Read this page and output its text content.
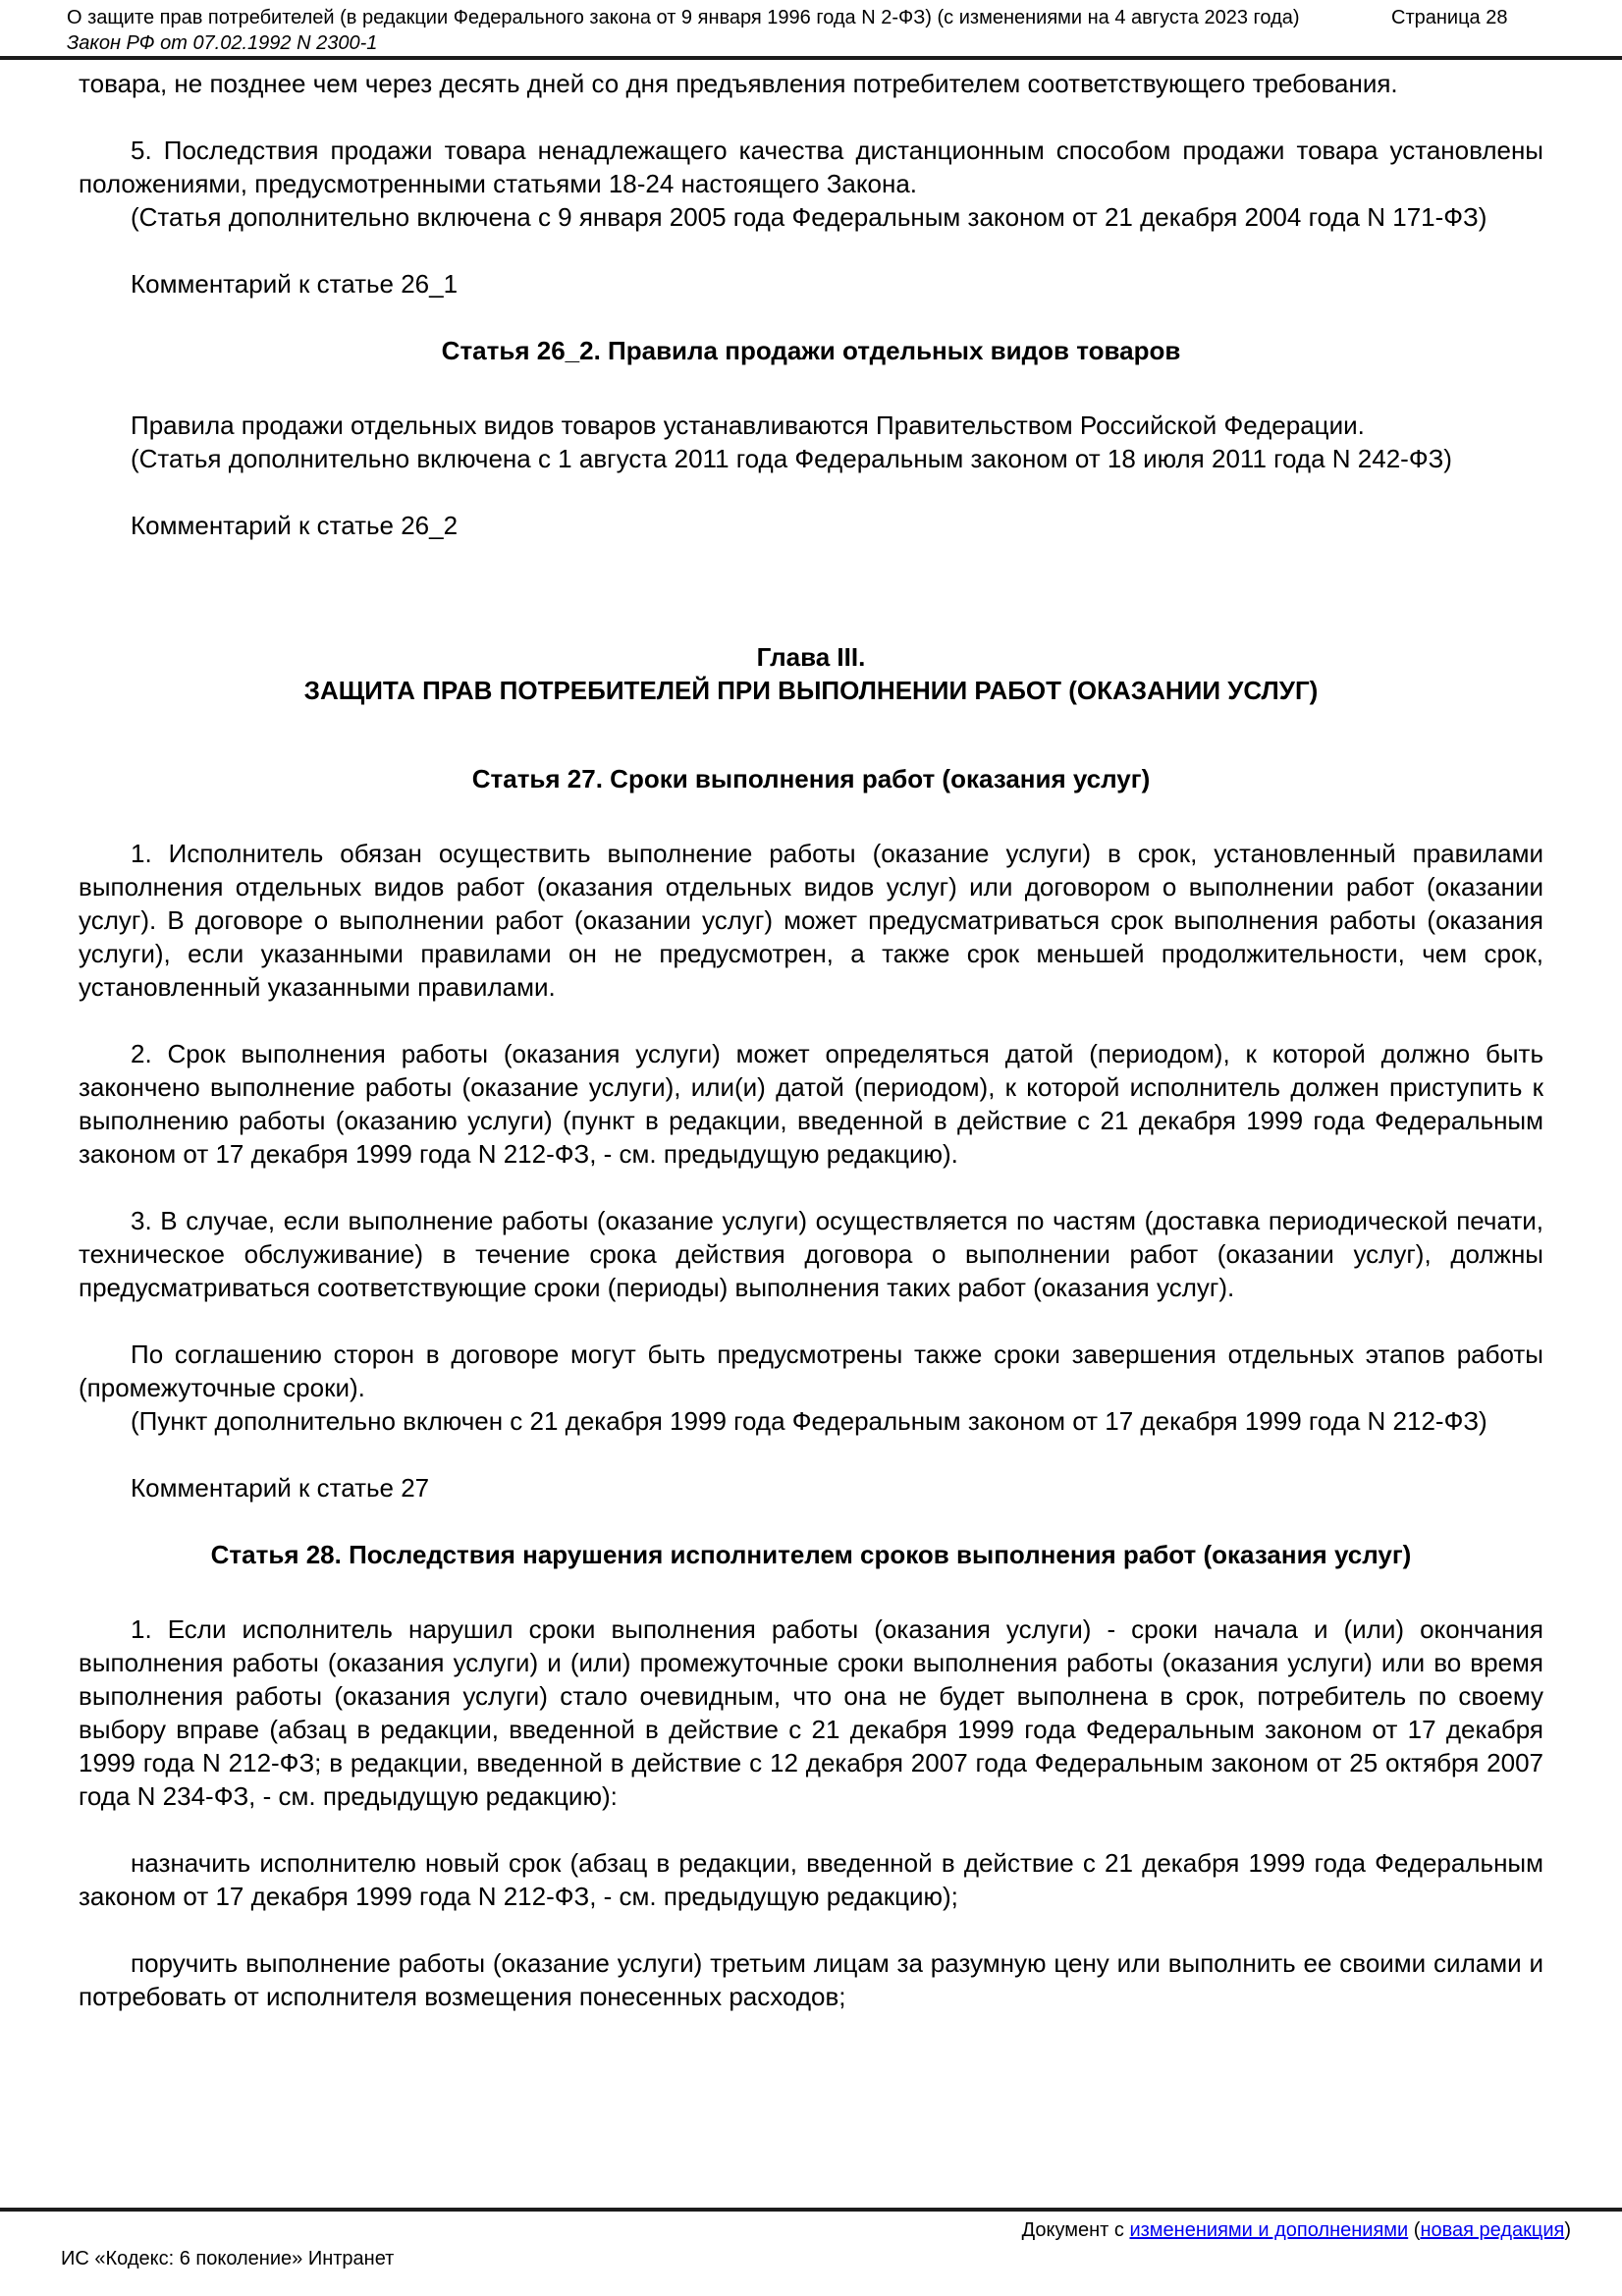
О защите прав потребителей (в редакции Федерального закона от 9 января 1996 года N 2-ФЗ) (с изменениями на 4 августа 2023 года)
Закон РФ от 07.02.1992 N 2300-1
Страница 28

товара, не позднее чем через десять дней со дня предъявления потребителем соответствующего требования.

5. Последствия продажи товара ненадлежащего качества дистанционным способом продажи товара установлены положениями, предусмотренными статьями 18-24 настоящего Закона.

(Статья дополнительно включена с 9 января 2005 года Федеральным законом от 21 декабря 2004 года N 171-ФЗ)

Комментарий к статье 26_1

Статья 26_2. Правила продажи отдельных видов товаров

Правила продажи отдельных видов товаров устанавливаются Правительством Российской Федерации.

(Статья дополнительно включена с 1 августа 2011 года Федеральным законом от 18 июля 2011 года N 242-ФЗ)

Комментарий к статье 26_2

Глава III.

ЗАЩИТА ПРАВ ПОТРЕБИТЕЛЕЙ ПРИ ВЫПОЛНЕНИИ РАБОТ (ОКАЗАНИИ УСЛУГ)

Статья 27. Сроки выполнения работ (оказания услуг)

1. Исполнитель обязан осуществить выполнение работы (оказание услуги) в срок, установленный правилами выполнения отдельных видов работ (оказания отдельных видов услуг) или договором о выполнении работ (оказании услуг). В договоре о выполнении работ (оказании услуг) может предусматриваться срок выполнения работы (оказания услуги), если указанными правилами он не предусмотрен, а также срок меньшей продолжительности, чем срок, установленный указанными правилами.

2. Срок выполнения работы (оказания услуги) может определяться датой (периодом), к которой должно быть закончено выполнение работы (оказание услуги), или(и) датой (периодом), к которой исполнитель должен приступить к выполнению работы (оказанию услуги) (пункт в редакции, введенной в действие с 21 декабря 1999 года Федеральным законом от 17 декабря 1999 года N 212-ФЗ, - см. предыдущую редакцию).

3. В случае, если выполнение работы (оказание услуги) осуществляется по частям (доставка периодической печати, техническое обслуживание) в течение срока действия договора о выполнении работ (оказании услуг), должны предусматриваться соответствующие сроки (периоды) выполнения таких работ (оказания услуг).

По соглашению сторон в договоре могут быть предусмотрены также сроки завершения отдельных этапов работы (промежуточные сроки).

(Пункт дополнительно включен с 21 декабря 1999 года Федеральным законом от 17 декабря 1999 года N 212-ФЗ)

Комментарий к статье 27

Статья 28. Последствия нарушения исполнителем сроков выполнения работ (оказания услуг)

1. Если исполнитель нарушил сроки выполнения работы (оказания услуги) - сроки начала и (или) окончания выполнения работы (оказания услуги) и (или) промежуточные сроки выполнения работы (оказания услуги) или во время выполнения работы (оказания услуги) стало очевидным, что она не будет выполнена в срок, потребитель по своему выбору вправе (абзац в редакции, введенной в действие с 21 декабря 1999 года Федеральным законом от 17 декабря 1999 года N 212-ФЗ; в редакции, введенной в действие с 12 декабря 2007 года Федеральным законом от 25 октября 2007 года N 234-ФЗ, - см. предыдущую редакцию):

назначить исполнителю новый срок (абзац в редакции, введенной в действие с 21 декабря 1999 года Федеральным законом от 17 декабря 1999 года N 212-ФЗ, - см. предыдущую редакцию);

поручить выполнение работы (оказание услуги) третьим лицам за разумную цену или выполнить ее своими силами и потребовать от исполнителя возмещения понесенных расходов;

Документ с изменениями и дополнениями (новая редакция)
ИС «Кодекс: 6 поколение» Интранет
